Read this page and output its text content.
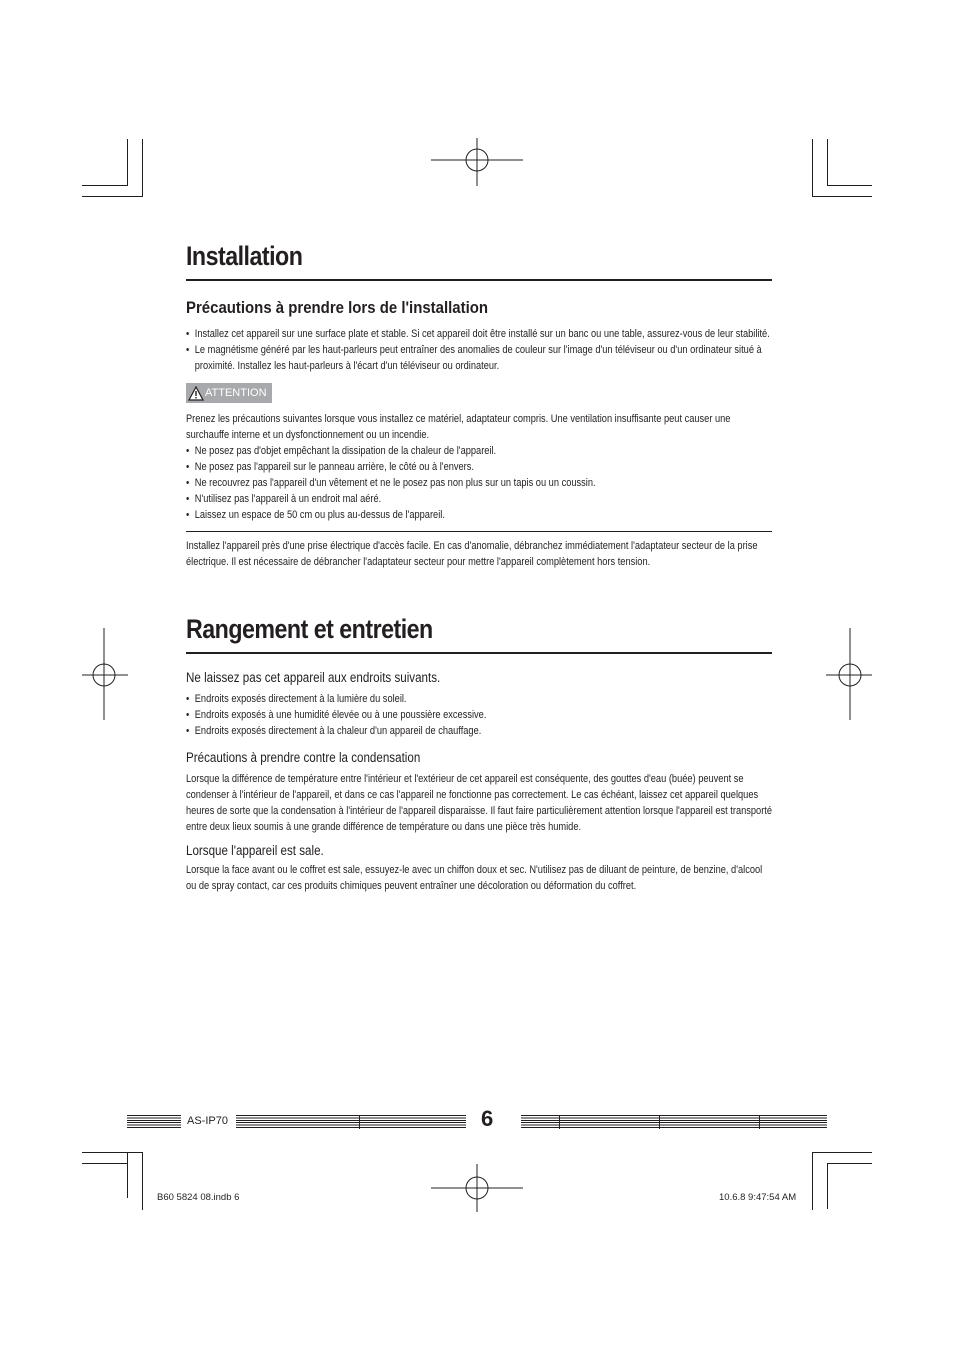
Installation
Précautions à prendre lors de l'installation
• Installez cet appareil sur une surface plate et stable. Si cet appareil doit être installé sur un banc ou une table, assurez-vous de leur stabilité.
• Le magnétisme généré par les haut-parleurs peut entraîner des anomalies de couleur sur l'image d'un téléviseur ou d'un ordinateur situé à proximité. Installez les haut-parleurs à l'écart d'un téléviseur ou ordinateur.
ATTENTION
Prenez les précautions suivantes lorsque vous installez ce matériel, adaptateur compris. Une ventilation insuffisante peut causer une surchauffe interne et un dysfonctionnement ou un incendie.
• Ne posez pas d'objet empêchant la dissipation de la chaleur de l'appareil.
• Ne posez pas l'appareil sur le panneau arrière, le côté ou à l'envers.
• Ne recouvrez pas l'appareil d'un vêtement et ne le posez pas non plus sur un tapis ou un coussin.
• N'utilisez pas l'appareil à un endroit mal aéré.
• Laissez un espace de 50 cm ou plus au-dessus de l'appareil.
Installez l'appareil près d'une prise électrique d'accès facile. En cas d'anomalie, débranchez immédiatement l'adaptateur secteur de la prise électrique. Il est nécessaire de débrancher l'adaptateur secteur pour mettre l'appareil complètement hors tension.
Rangement et entretien
Ne laissez pas cet appareil aux endroits suivants.
• Endroits exposés directement à la lumière du soleil.
• Endroits exposés à une humidité élevée ou à une poussière excessive.
• Endroits exposés directement à la chaleur d'un appareil de chauffage.
Précautions à prendre contre la condensation
Lorsque la différence de température entre l'intérieur et l'extérieur de cet appareil est conséquente, des gouttes d'eau (buée) peuvent se condenser à l'intérieur de l'appareil, et dans ce cas l'appareil ne fonctionne pas correctement. Le cas échéant, laissez cet appareil quelques heures de sorte que la condensation à l'intérieur de l'appareil disparaisse. Il faut faire particulièrement attention lorsque l'appareil est transporté entre deux lieux soumis à une grande différence de température ou dans une pièce très humide.
Lorsque l'appareil est sale.
Lorsque la face avant ou le coffret est sale, essuyez-le avec un chiffon doux et sec. N'utilisez pas de diluant de peinture, de benzine, d'alcool ou de spray contact, car ces produits chimiques peuvent entraîner une décoloration ou déformation du coffret.
AS-IP70	6
B60 5824 08.indb 6	10.6.8 9:47:54 AM
